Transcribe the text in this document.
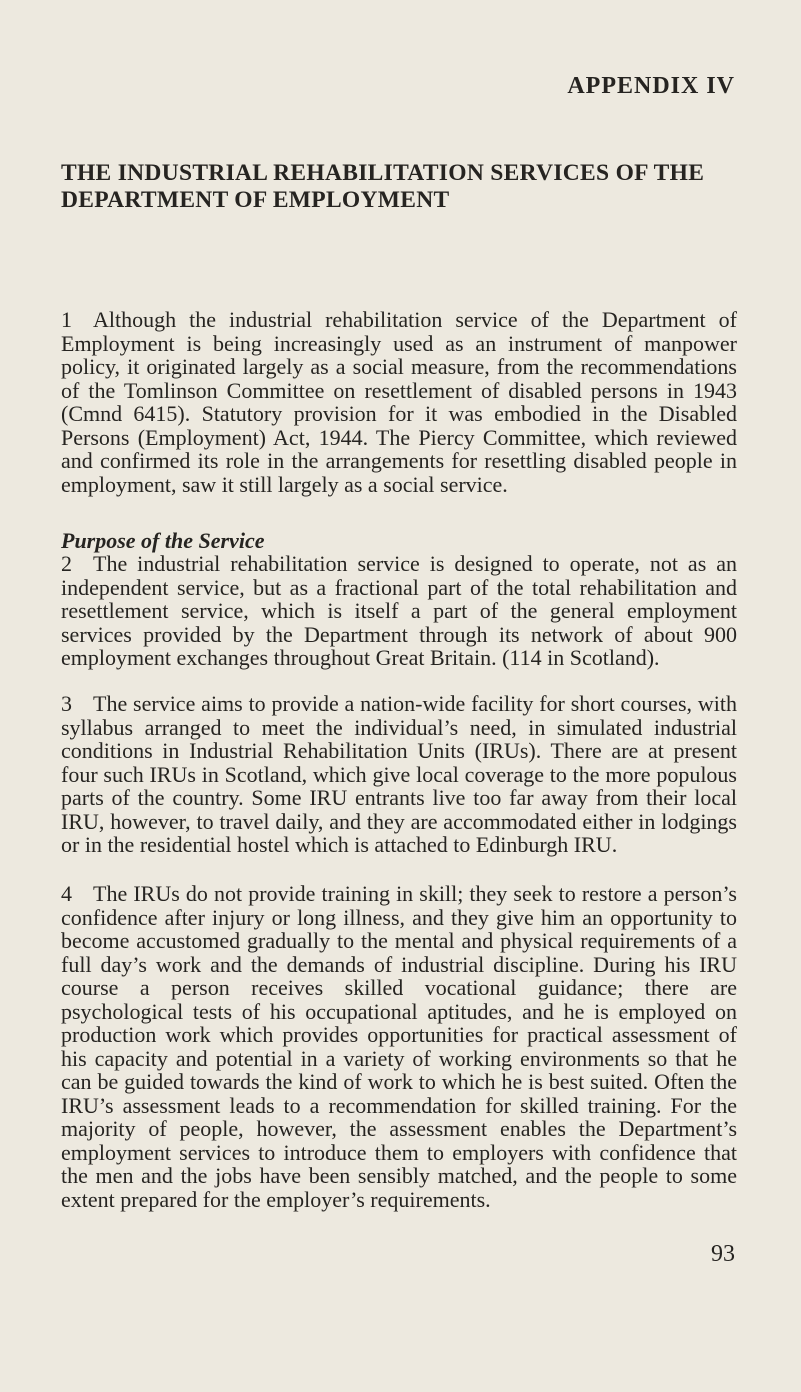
APPENDIX IV

THE INDUSTRIAL REHABILITATION SERVICES OF THE DEPARTMENT OF EMPLOYMENT

1 Although the industrial rehabilitation service of the Department of Employment is being increasingly used as an instrument of manpower policy, it originated largely as a social measure, from the recommendations of the Tomlinson Committee on resettlement of disabled persons in 1943 (Cmnd 6415). Statutory provision for it was embodied in the Disabled Persons (Employment) Act, 1944. The Piercy Committee, which reviewed and confirmed its role in the arrangements for resettling disabled people in employment, saw it still largely as a social service.

Purpose of the Service

2 The industrial rehabilitation service is designed to operate, not as an independent service, but as a fractional part of the total rehabilitation and resettlement service, which is itself a part of the general employment services provided by the Department through its network of about 900 employment exchanges throughout Great Britain. (114 in Scotland).

3 The service aims to provide a nation-wide facility for short courses, with syllabus arranged to meet the individual’s need, in simulated industrial conditions in Industrial Rehabilitation Units (IRUs). There are at present four such IRUs in Scotland, which give local coverage to the more populous parts of the country. Some IRU entrants live too far away from their local IRU, however, to travel daily, and they are accommodated either in lodgings or in the residential hostel which is attached to Edinburgh IRU.

4 The IRUs do not provide training in skill; they seek to restore a person’s confidence after injury or long illness, and they give him an opportunity to become accustomed gradually to the mental and physical requirements of a full day’s work and the demands of industrial discipline. During his IRU course a person receives skilled vocational guidance; there are psychological tests of his occupational aptitudes, and he is employed on production work which provides opportunities for practical assessment of his capacity and potential in a variety of working environments so that he can be guided towards the kind of work to which he is best suited. Often the IRU’s assessment leads to a recommendation for skilled training. For the majority of people, however, the assessment enables the Department’s employment services to introduce them to employers with confidence that the men and the jobs have been sensibly matched, and the people to some extent prepared for the employer’s requirements.

93
